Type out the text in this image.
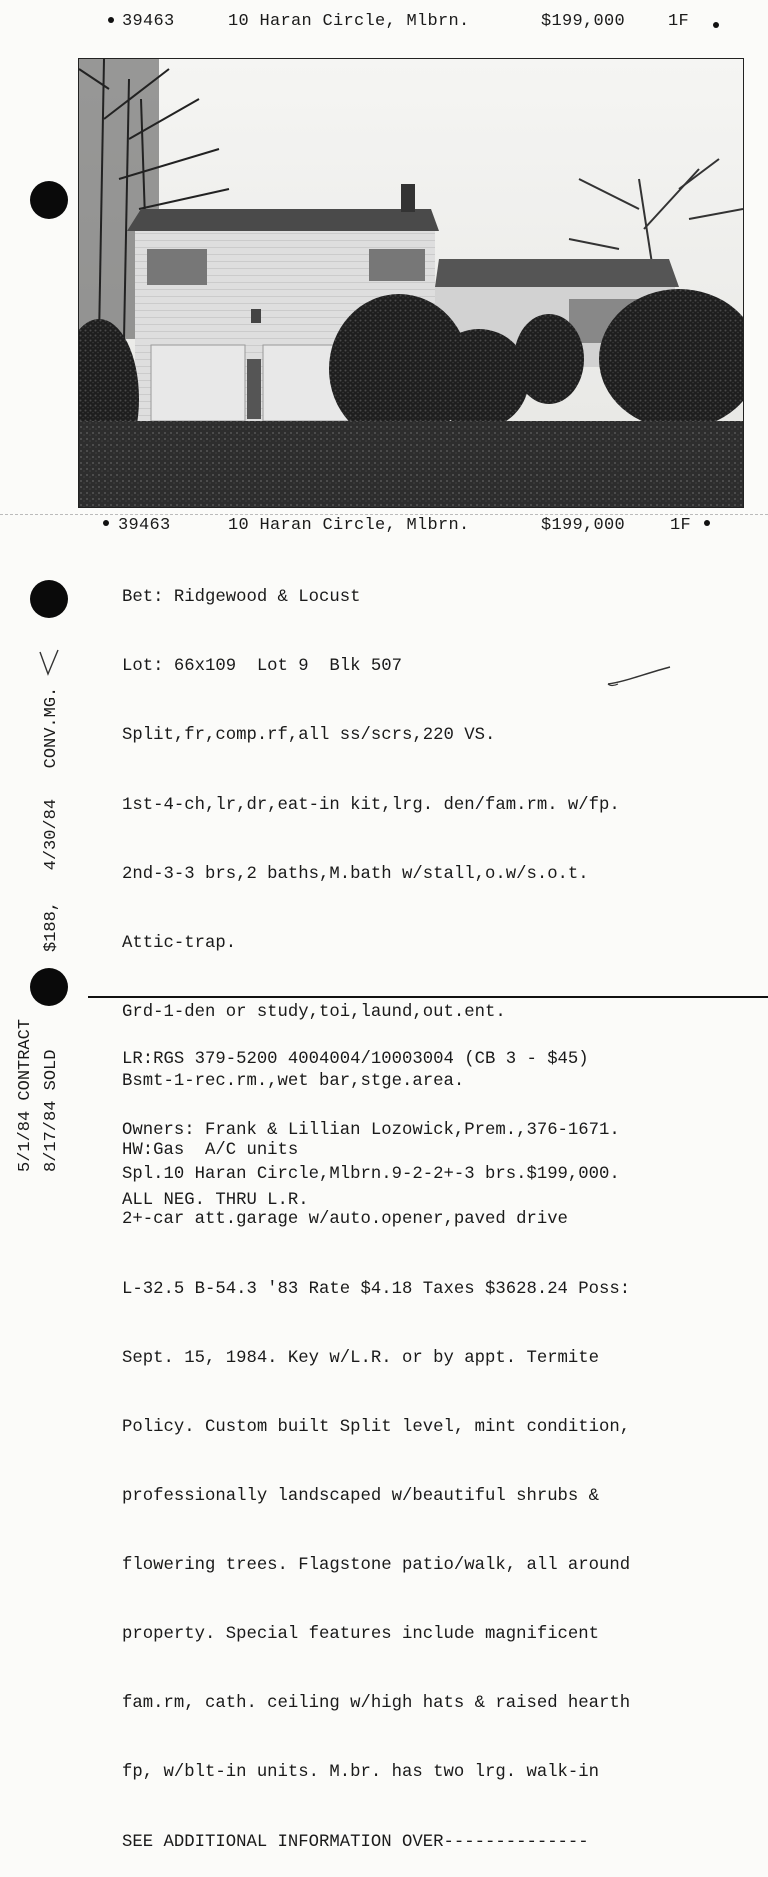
39463	10 Haran Circle, Mlbrn.	$199,000	1F
39463	10 Haran Circle, Mlbrn.	$199,000	1F

Bet: Ridgewood & Locust

Lot: 66x109  Lot 9  Blk 507

Split,fr,comp.rf,all ss/scrs,220 VS.

1st-4-ch,lr,dr,eat-in kit,lrg. den/fam.rm. w/fp.

2nd-3-3 brs,2 baths,M.bath w/stall,o.w/s.o.t.

Attic-trap.

Grd-1-den or study,toi,laund,out.ent.

Bsmt-1-rec.rm.,wet bar,stge.area.

HW:Gas  A/C units

2+-car att.garage w/auto.opener,paved drive

L-32.5 B-54.3 '83 Rate $4.18 Taxes $3628.24 Poss:

Sept. 15, 1984. Key w/L.R. or by appt. Termite

Policy. Custom built Split level, mint condition,

professionally landscaped w/beautiful shrubs &

flowering trees. Flagstone patio/walk, all around

property. Special features include magnificent

fam.rm, cath. ceiling w/high hats & raised hearth

fp, w/blt-in units. M.br. has two lrg. walk-in

SEE ADDITIONAL INFORMATION OVER--------------

LR:RGS 379-5200 4004004/10003004 (CB 3 - $45)

Owners: Frank & Lillian Lozowick,Prem.,376-1671.

ALL NEG. THRU L.R.

$188,   4/30/84   CONV.MG.
5/1/84 CONTRACT 8/17/84 SOLD
Spl.10 Haran Circle,Mlbrn.9-2-2+-3 brs.$199,000.
